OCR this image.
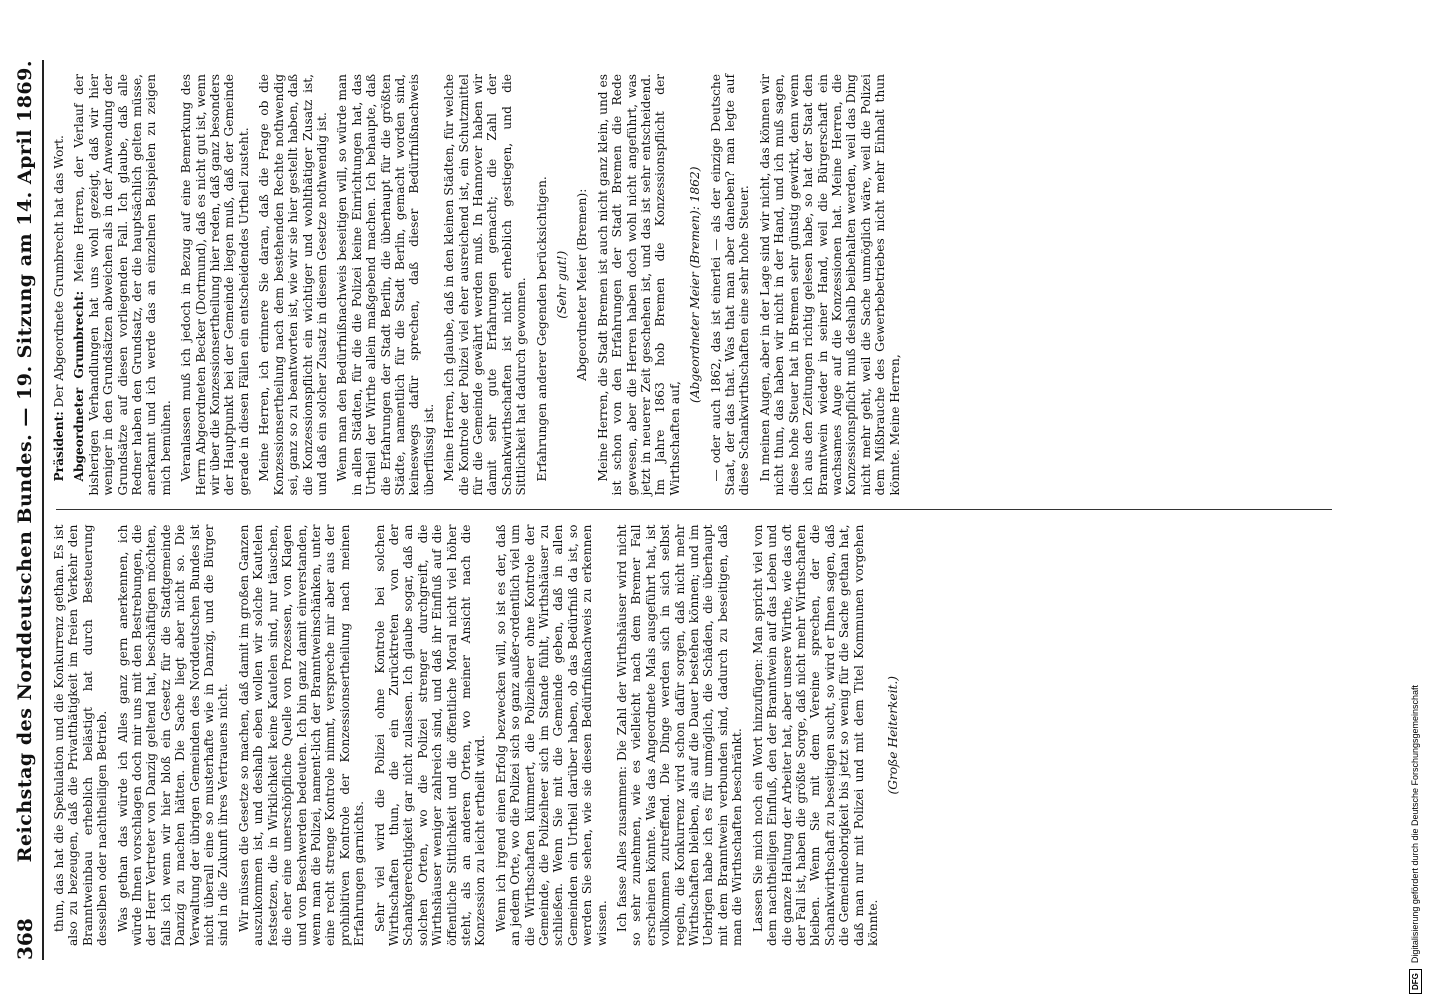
368
Reichstag des Norddeutschen Bundes. — 19. Sitzung am 14. April 1869. thun, das hat die Spekulation und die Konkurrenz gethan. Es ist also zu bezeugen, daß die Privatthätigkeit im freien Verkehr den Branntweinbau erheblich belästigt hat durch Besteuerung desselben oder nachtheiligen Betrieb. Was gethan das würde ich Alles ganz gern anerkennen, ich würde Ihnen vorschlagen doch mir uns mit den Bestrebungen, die der Herr Vertreter von Danzig geltend hat, beschäftigen möchten, falls ich wenn wir hier bloß ein Gesetz für die Stadtgemeinde Danzig zu machen hätten. Die Sache liegt aber nicht so. Die Verwaltung der übrigen Gemeinden des Norddeutschen Bundes ist nicht überall eine so musterhafte wie in Danzig, und die Bürger sind in die Zukunft ihres Vertrauens nicht. Wir müssen die Gesetze so machen, daß damit im großen Ganzen auszukommen ist, und deshalb eben wollen wir solche Kautelen festsetzen, die in Wirklichkeit keine Kautelen sind, nur täuschen, die eher eine unerschöpfliche Quelle von Prozessen, von Klagen und von Beschwerden bedeuten. Ich bin ganz damit einverstanden, wenn man die Polizei, nament-lich der Branntweinschänken, unter eine recht strenge Kontrole nimmt, verspreche mir aber aus der prohibitiven Kontrole der Konzessionsertheilung nach meinen Erfahrungen garnichts. Sehr viel wird die Polizei ohne Kontrole bei solchen Wirthschaften thun, die ein Zurücktreten von der Schankgerechtigkeit gar nicht zulassen. Ich glaube sogar, daß an solchen Orten, wo die Polizei strenger durchgreift, die Wirthshäuser weniger zahlreich sind, und daß ihr Einfluß auf die öffentliche Sittlichkeit und die öffentliche Moral nicht viel höher steht, als an anderen Orten, wo meiner Ansicht nach die Konzession zu leicht ertheilt wird. Wenn ich irgend einen Erfolg bezwecken will, so ist es der, daß an jedem Orte, wo die Polizei sich so ganz außer-ordentlich viel um die Wirthschaften kümmert, die Polizeiheer ohne Kontrole der Gemeinde, die Polizeiheer sich im Stande fühlt, Wirthshäuser zu schließen. Wenn Sie mit die Gemeinde geben, daß in allen Gemeinden ein Urtheil darüber haben, ob das Bedürfniß da ist, so werden Sie sehen, wie sie diesen Bedürfnißnachweis zu erkennen wissen. Ich fasse Alles zusammen: Die Zahl der Wirthshäuser wird nicht so sehr zunehmen, wie es vielleicht nach dem Bremer Fall erscheinen könnte. Was das Angeordnete Mals ausgeführt hat, ist vollkommen zutreffend. Die Dinge werden sich in sich selbst regeln, die Konkurrenz wird schon dafür sorgen, daß nicht mehr Wirthschaften bleiben, als auf die Dauer bestehen können; und im Uebrigen habe ich es für unmöglich, die Schäden, die überhaupt mit dem Branntwein verbunden sind, dadurch zu beseitigen, daß man die Wirthschaften beschränkt. Lassen Sie mich noch ein Wort hinzufügen: Man spricht viel von dem nachtheiligen Einfluß, den der Branntwein auf das Leben und die ganze Haltung der Arbeiter hat, aber unsere Wirthe, wie das oft der Fall ist, haben die größte Sorge, daß nicht mehr Wirthschaften bleiben. Wenn Sie mit dem Vereine sprechen, der die Schankwirthschaft zu beseitigen sucht, so wird er Ihnen sagen, daß die Gemeindeobrigkeit bis jetzt so wenig für die Sache gethan hat, daß man nur mit Polizei und mit dem Titel Kommunen vorgehen könnte.

(Große Heiterkeit.)

Präsident: Der Abgeordnete Grumbrecht hat das Wort. Abgeordneter Grumbrecht: Meine Herren, der Verlauf der bisherigen Verhandlungen hat uns wohl gezeigt, daß wir hier weniger in den Grundsätzen abweichen als in der Anwendung der Grundsätze auf diesen vorliegenden Fall. Ich glaube, daß alle Redner haben den Grundsatz, der die hauptsächlich gelten müsse, anerkannt und ich werde das an einzelnen Beispielen zu zeigen mich bemühen. Veranlassen muß ich jedoch in Bezug auf eine Bemerkung des Herrn Abgeordneten Becker (Dortmund), daß es nicht gut ist, wenn wir über die Konzessionsertheilung hier reden, daß ganz besonders der Hauptpunkt bei der Gemeinde liegen muß, daß der Gemeinde gerade in diesen Fällen ein entscheidendes Urtheil zusteht. Meine Herren, ich erinnere Sie daran, daß die Frage ob die Konzessionsertheilung nach dem bestehenden Rechte nothwendig sei, ganz so zu beantworten ist, wie wir sie hier gestellt haben, daß die Konzessionspflicht ein wichtiger und wohlthätiger Zusatz ist, und daß ein solcher Zusatz in diesem Gesetze nothwendig ist. Wenn man den Bedürfnißnachweis beseitigen will, so würde man in allen Städten, für die die Polizei keine Einrichtungen hat, das Urtheil der Wirthe allein maßgebend machen. Ich behaupte, daß die Erfahrungen der Stadt Berlin, die überhaupt für die größten Städte, namentlich für die Stadt Berlin, gemacht worden sind, keineswegs dafür sprechen, daß dieser Bedürfnißnachweis überflüssig ist. Meine Herren, ich glaube, daß in den kleinen Städten, für welche die Kontrole der Polizei viel eher ausreichend ist, ein Schutzmittel für die Gemeinde gewährt werden muß. In Hannover haben wir damit sehr gute Erfahrungen gemacht; die Zahl der Schankwirthschaften ist nicht erheblich gestiegen, und die Sittlichkeit hat dadurch gewonnen. Erfahrungen anderer Gegenden berücksichtigen. (Sehr gut!) Abgeordneter Meier (Bremen): Meine Herren, die Stadt Bremen ist auch nicht ganz klein, und es ist schon von den Erfahrungen der Stadt Bremen die Rede gewesen, aber die Herren haben doch wohl nicht angeführt, was jetzt in neuerer Zeit geschehen ist, und das ist sehr entscheidend. Im Jahre 1863 hob Bremen die Konzessionspflicht der Wirthschaften auf,

(Abgeordneter Meier (Bremen): 1862) — oder auch 1862, das ist einerlei — als der einzige Deutsche Staat, der das that. Was that man aber daneben? man legte auf diese Schankwirthschaften eine sehr hohe Steuer. In meinen Augen, aber in der Lage sind wir nicht, das können wir nicht thun, das haben wir nicht in der Hand, und ich muß sagen, diese hohe Steuer hat in Bremen sehr günstig gewirkt, denn wenn ich aus den Zeitungen richtig gelesen habe, so hat der Staat den Branntwein wieder in seiner Hand, weil die Bürgerschaft ein wachsames Auge auf die Konzessionen hat. Meine Herren, die Konzessionspflicht muß deshalb beibehalten werden, weil das Ding nicht mehr geht, weil die Sache unmöglich wäre, weil die Polizei dem Mißbrauche des Gewerbebetriebes nicht mehr Einhalt thun könnte. Meine Herren,

DFG
Digitalisierung gefördert durch die Deutsche Forschungsgemeinschaft
